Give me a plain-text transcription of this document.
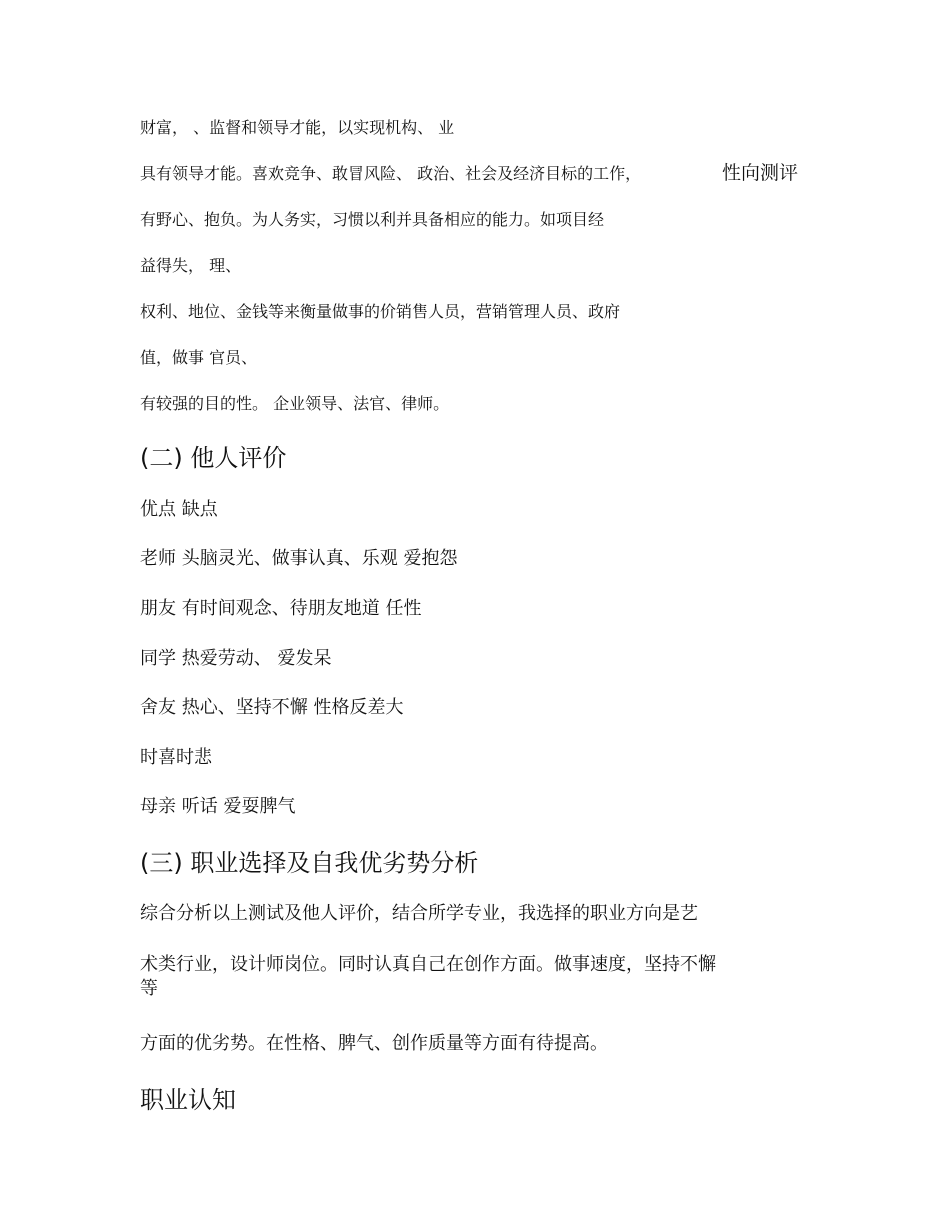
财富， 、监督和领导才能，以实现机构、 业
具有领导才能。喜欢竞争、敢冒风险、 政治、社会及经济目标的工作，	性向测评
有野心、抱负。为人务实，习惯以利并具备相应的能力。如项目经
益得失， 理、
权利、地位、金钱等来衡量做事的价销售人员，营销管理人员、政府
值，做事 官员、
有较强的目的性。 企业领导、法官、律师。
(二) 他人评价
优点 缺点
老师 头脑灵光、做事认真、乐观 爱抱怨
朋友 有时间观念、待朋友地道 任性
同学 热爱劳动、 爱发呆
舍友 热心、坚持不懈 性格反差大
时喜时悲
母亲 听话 爱耍脾气
(三) 职业选择及自我优劣势分析
综合分析以上测试及他人评价，结合所学专业，我选择的职业方向是艺
术类行业，设计师岗位。同时认真自己在创作方面。做事速度，坚持不懈
等
方面的优劣势。在性格、脾气、创作质量等方面有待提高。
职业认知
